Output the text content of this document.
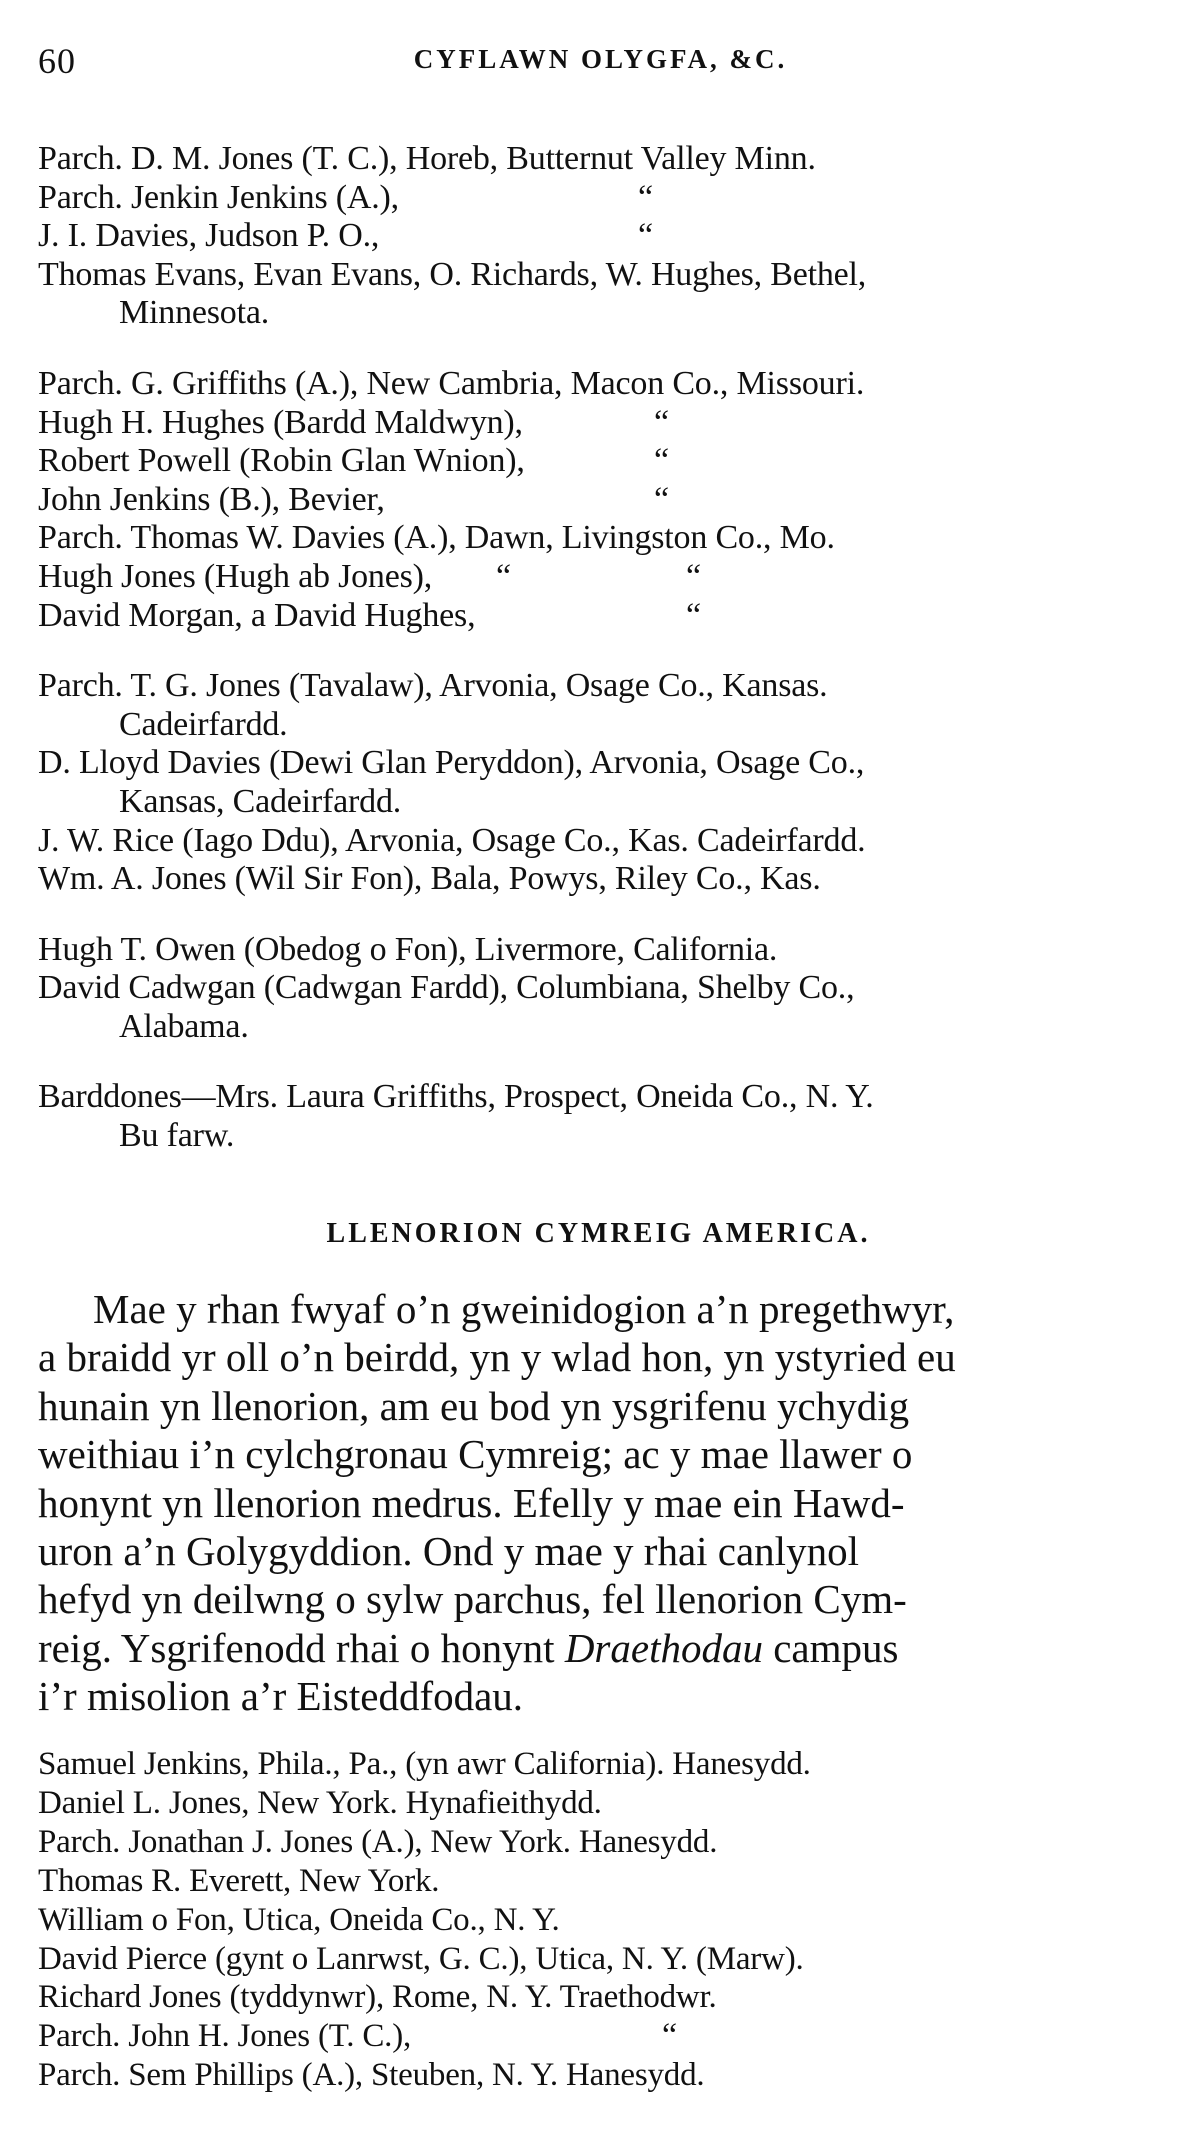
60	CYFLAWN OLYGFA, &C.
Parch. D. M. Jones (T. C.), Horeb, Butternut Valley Minn.
Parch. Jenkin Jenkins (A.),	“
J. I. Davies, Judson P. O.,	“
Thomas Evans, Evan Evans, O. Richards, W. Hughes, Bethel,
Minnesota.
Parch. G. Griffiths (A.), New Cambria, Macon Co., Missouri.
Hugh H. Hughes (Bardd Maldwyn),	“
Robert Powell (Robin Glan Wnion),	“
John Jenkins (B.), Bevier,	“
Parch. Thomas W. Davies (A.), Dawn, Livingston Co., Mo.
Hugh Jones (Hugh ab Jones), “	“
David Morgan, a David Hughes,	“
Parch. T. G. Jones (Tavalaw), Arvonia, Osage Co., Kansas.
Cadeirfardd.
D. Lloyd Davies (Dewi Glan Peryddon), Arvonia, Osage Co.,
Kansas, Cadeirfardd.
J. W. Rice (Iago Ddu), Arvonia, Osage Co., Kas. Cadeirfardd.
Wm. A. Jones (Wil Sir Fon), Bala, Powys, Riley Co., Kas.
Hugh T. Owen (Obedog o Fon), Livermore, California.
David Cadwgan (Cadwgan Fardd), Columbiana, Shelby Co.,
Alabama.
Barddones—Mrs. Laura Griffiths, Prospect, Oneida Co., N. Y.
Bu farw.
LLENORION CYMREIG AMERICA.
Mae y rhan fwyaf o’n gweinidogion a’n pregethwyr,
a braidd yr oll o’n beirdd, yn y wlad hon, yn ystyried eu
hunain yn llenorion, am eu bod yn ysgrifenu ychydig
weithiau i’n cylchgronau Cymreig; ac y mae llawer o
honynt yn llenorion medrus. Efelly y mae ein Hawd-
uron a’n Golygyddion. Ond y mae y rhai canlynol
hefyd yn deilwng o sylw parchus, fel llenorion Cym-
reig. Ysgrifenodd rhai o honynt Draethodau campus
i’r misolion a’r Eisteddfodau.
Samuel Jenkins, Phila., Pa., (yn awr California). Hanesydd.
Daniel L. Jones, New York. Hynafieithydd.
Parch. Jonathan J. Jones (A.), New York. Hanesydd.
Thomas R. Everett, New York.
William o Fon, Utica, Oneida Co., N. Y.
David Pierce (gynt o Lanrwst, G. C.), Utica, N. Y. (Marw).
Richard Jones (tyddynwr), Rome, N. Y. Traethodwr.
Parch. John H. Jones (T. C.),	“
Parch. Sem Phillips (A.), Steuben, N. Y. Hanesydd.
